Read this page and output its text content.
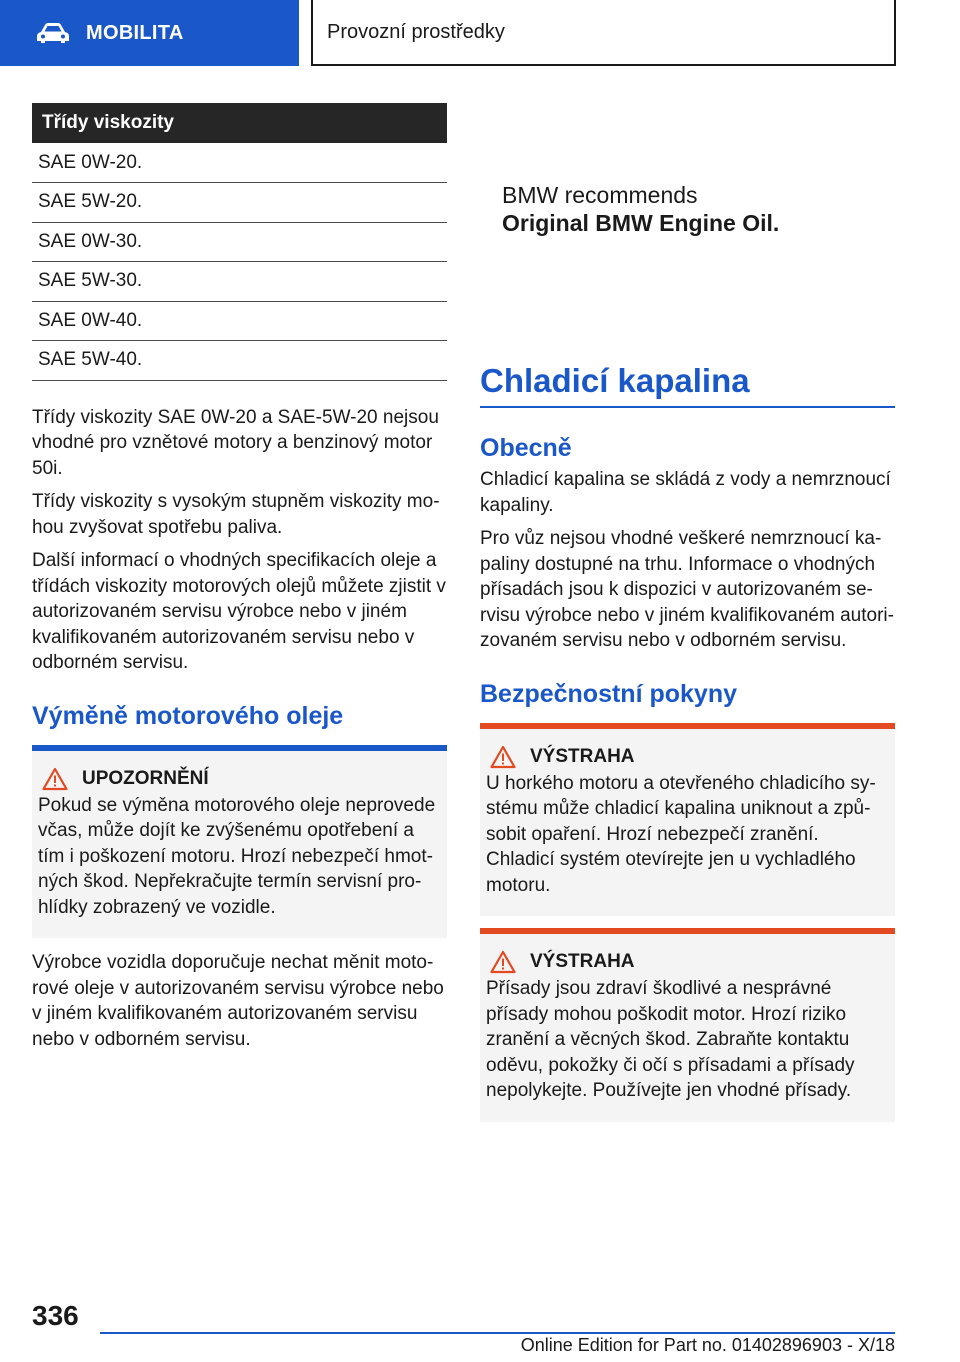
MOBILITA	Provozní prostředky
Třídy viskozity
SAE 0W-20.
SAE 5W-20.
SAE 0W-30.
SAE 5W-30.
SAE 0W-40.
SAE 5W-40.

Třídy viskozity SAE 0W-20 a SAE-5W-20 nejsou vhodné pro vznětové motory a benzinový motor 50i.

Třídy viskozity s vysokým stupněm viskozity mohou zvyšovat spotřebu paliva.

Další informací o vhodných specifikacích oleje a třídách viskozity motorových olejů můžete zjistit v autorizovaném servisu výrobce nebo v jiném kvalifikovaném autorizovaném servisu nebo v odborném servisu.

Výměně motorového oleje
UPOZORNĚNÍ

Pokud se výměna motorového oleje neprovede včas, může dojít ke zvýšenému opotřebení a tím i poškození motoru. Hrozí nebezpečí hmotných škod. Nepřekračujte termín servisní prohlídky zobrazený ve vozidle.

Výrobce vozidla doporučuje nechat měnit motorové oleje v autorizovaném servisu výrobce nebo v jiném kvalifikovaném autorizovaném servisu nebo v odborném servisu.

BMW recommends
Original BMW Engine Oil.
Chladicí kapalina
Obecně

Chladicí kapalina se skládá z vody a nemrznoucí kapaliny.

Pro vůz nejsou vhodné veškeré nemrznoucí kapaliny dostupné na trhu. Informace o vhodných přísadách jsou k dispozici v autorizovaném servisu výrobce nebo v jiném kvalifikovaném autorizovaném servisu nebo v odborném servisu.

Bezpečnostní pokyny
VÝSTRAHA

U horkého motoru a otevřeného chladicího systému může chladicí kapalina uniknout a způsobit opaření. Hrozí nebezpečí zranění. Chladicí systém otevírejte jen u vychladlého motoru.

VÝSTRAHA

Přísady jsou zdraví škodlivé a nesprávné přísady mohou poškodit motor. Hrozí riziko zranění a věcných škod. Zabraňte kontaktu oděvu, pokožky či očí s přísadami a přísady nepolykejte. Používejte jen vhodné přísady.

336
Online Edition for Part no. 01402896903 - X/18
